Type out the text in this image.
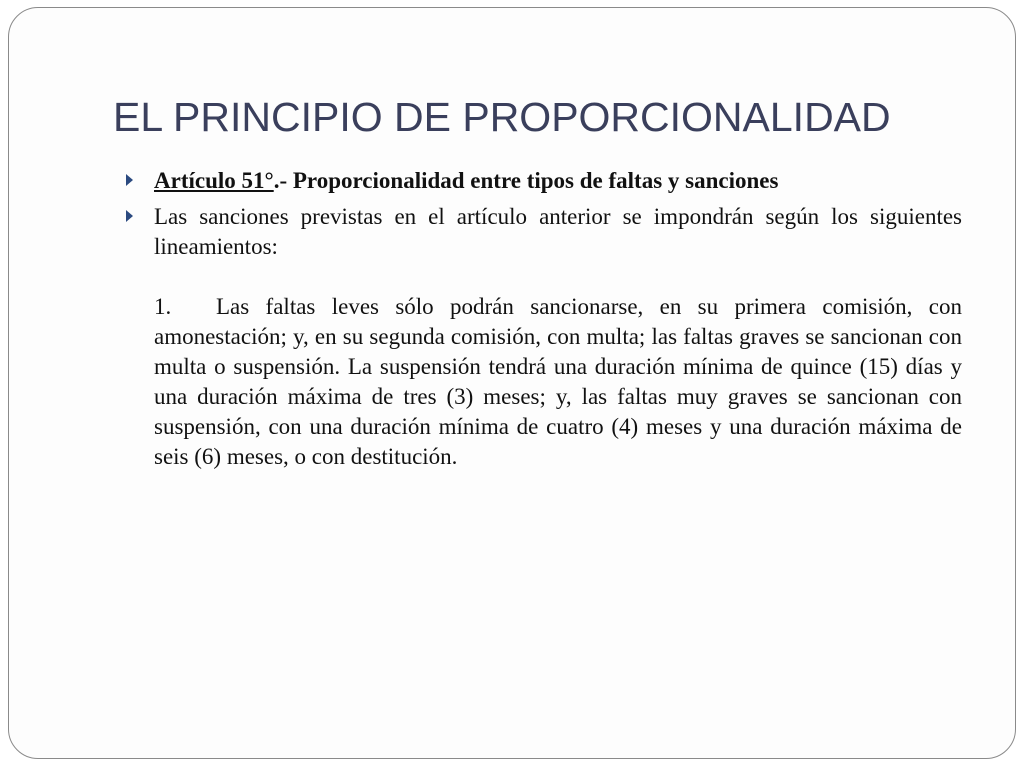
EL PRINCIPIO DE PROPORCIONALIDAD
Artículo 51°.- Proporcionalidad entre tipos de faltas y sanciones
Las sanciones previstas en el artículo anterior se impondrán según los siguientes lineamientos:
1. Las faltas leves sólo podrán sancionarse, en su primera comisión, con amonestación; y, en su segunda comisión, con multa; las faltas graves se sancionan con multa o suspensión. La suspensión tendrá una duración mínima de quince (15) días y una duración máxima de tres (3) meses; y, las faltas muy graves se sancionan con suspensión, con una duración mínima de cuatro (4) meses y una duración máxima de seis (6) meses, o con destitución.
